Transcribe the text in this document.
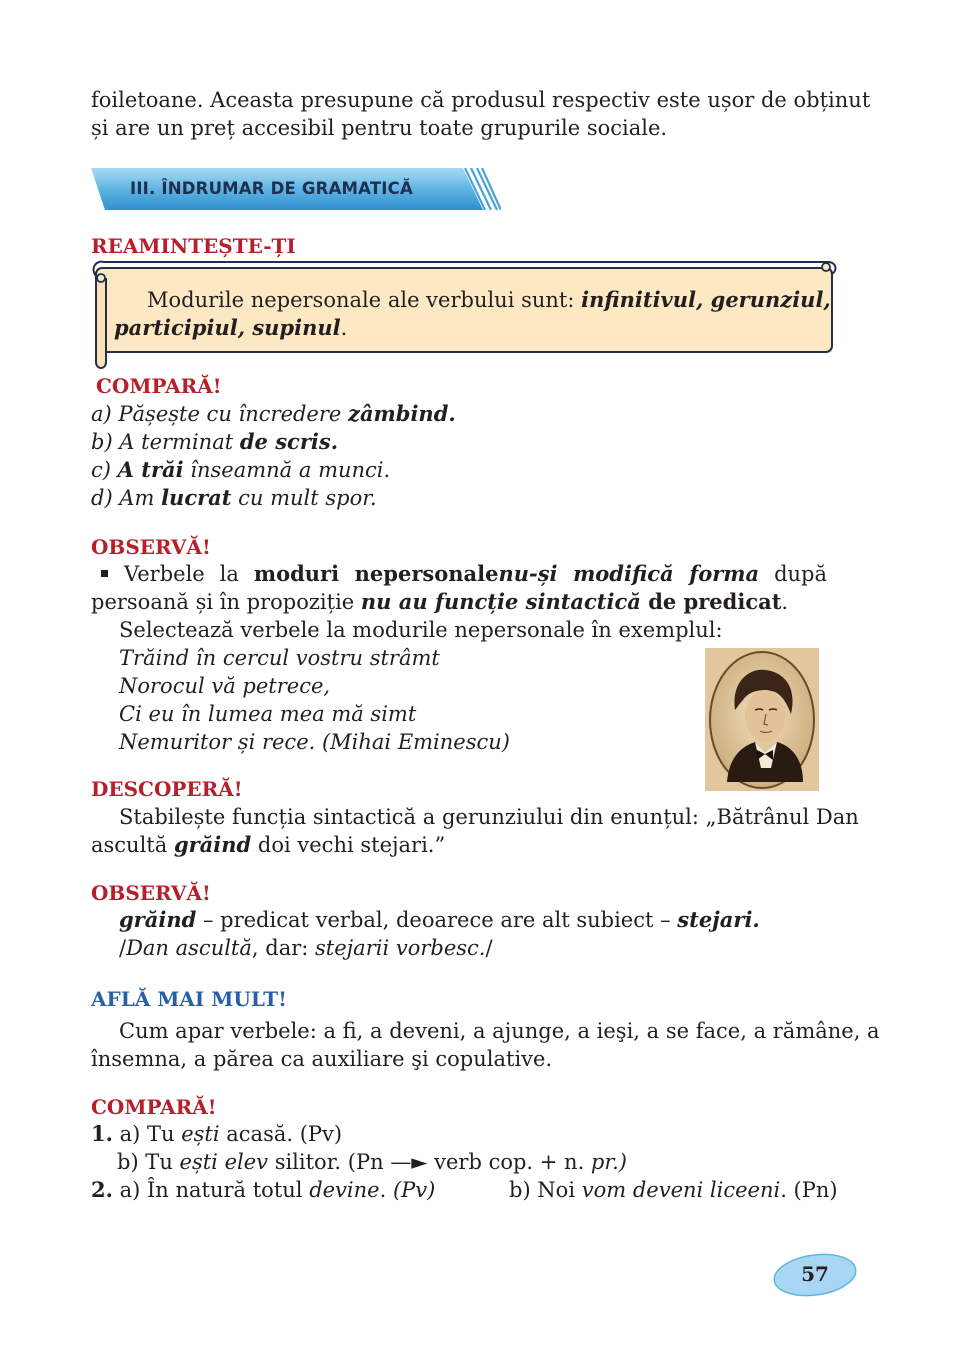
foiletoane. Aceasta presupune că produsul respectiv este ușor de obținut
și are un preț accesibil pentru toate grupurile sociale.
III. ÎNDRUMAR DE GRAMATICĂ
REAMINTEȘTE-ȚI
Modurile nepersonale ale verbului sunt: infinitivul, gerunziul,
participiul, supinul.
COMPARĂ!
a) Pășește cu încredere zâmbind.
b) A terminat de scris.
c) A trăi înseamnă a munci.
d) Am lucrat cu mult spor.
OBSERVĂ!
Verbele la moduri nepersonalenu-și modifică forma după
persoană și în propoziție nu au funcție sintactică de predicat.
Selectează verbele la modurile nepersonale în exemplul:
Trăind în cercul vostru strâmt
Norocul vă petrece,
Ci eu în lumea mea mă simt
Nemuritor și rece. (Mihai Eminescu)
DESCOPERĂ!
Stabilește funcția sintactică a gerunziului din enunțul: „Bătrânul Dan
ascultă grăind doi vechi stejari.”
OBSERVĂ!
grăind – predicat verbal, deoarece are alt subiect – stejari.
/Dan ascultă, dar: stejarii vorbesc./
AFLĂ MAI MULT!
Cum apar verbele: a fi, a deveni, a ajunge, a ieşi, a se face, a rămâne, a
însemna, a părea ca auxiliare şi copulative.
COMPARĂ!
1. a) Tu ești acasă. (Pv)
b) Tu ești elev silitor. (Pn —► verb cop. + n. pr.)
2. a) În natură totul devine. (Pv)	b) Noi vom deveni liceeni. (Pn)
57
